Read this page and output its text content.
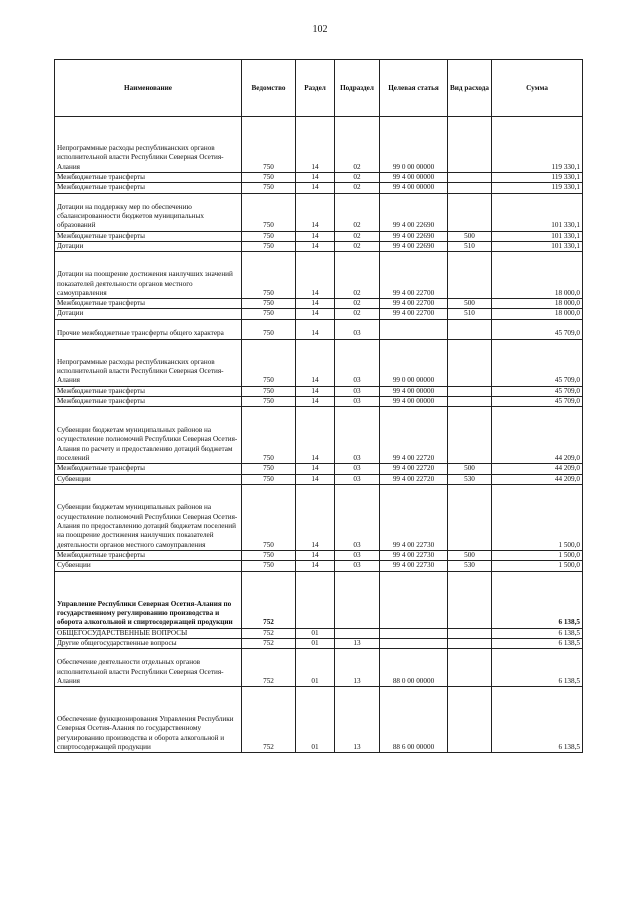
102
Наименование	Ведомство	Раздел	Подраздел	Целевая статья	Вид расхода	Сумма
Непрограммные расходы республиканских органов исполнительной власти Республики Северная Осетия-Алания	750	14	02	99 0 00 00000		119 330,1
Межбюджетные трансферты	750	14	02	99 4 00 00000		119 330,1
Межбюджетные трансферты	750	14	02	99 4 00 00000		119 330,1
Дотации на поддержку мер по обеспечению сбалансированности бюджетов муниципальных образований	750	14	02	99 4 00 22690		101 330,1
Межбюджетные трансферты	750	14	02	99 4 00 22690	500	101 330,1
Дотации	750	14	02	99 4 00 22690	510	101 330,1
Дотации на поощрение достижения наилучших значений показателей деятельности органов местного самоуправления	750	14	02	99 4 00 22700		18 000,0
Межбюджетные трансферты	750	14	02	99 4 00 22700	500	18 000,0
Дотации	750	14	02	99 4 00 22700	510	18 000,0
Прочие межбюджетные трансферты общего характера	750	14	03			45 709,0
Непрограммные расходы республиканских органов исполнительной власти Республики Северная Осетия-Алания	750	14	03	99 0 00 00000		45 709,0
Межбюджетные трансферты	750	14	03	99 4 00 00000		45 709,0
Межбюджетные трансферты	750	14	03	99 4 00 00000		45 709,0
Субвенции бюджетам муниципальных районов на осуществление полномочий Республики Северная Осетия-Алания по расчету и предоставлению дотаций бюджетам поселений	750	14	03	99 4 00 22720		44 209,0
Межбюджетные трансферты	750	14	03	99 4 00 22720	500	44 209,0
Субвенции	750	14	03	99 4 00 22720	530	44 209,0
Субвенции бюджетам муниципальных районов на осуществление полномочий Республики Северная Осетия-Алания по предоставлению дотаций бюджетам поселений на поощрение достижения наилучших показателей деятельности органов местного самоуправления	750	14	03	99 4 00 22730		1 500,0
Межбюджетные трансферты	750	14	03	99 4 00 22730	500	1 500,0
Субвенции	750	14	03	99 4 00 22730	530	1 500,0
Управление Республики Северная Осетия-Алания по государственному регулированию производства и оборота алкогольной и спиртосодержащей продукции	752					6 138,5
ОБЩЕГОСУДАРСТВЕННЫЕ ВОПРОСЫ	752	01				6 138,5
Другие общегосударственные вопросы	752	01	13			6 138,5
Обеспечение деятельности отдельных органов исполнительной власти Республики Северная Осетия-Алания	752	01	13	88 0 00 00000		6 138,5
Обеспечение функционирования Управления Республики Северная Осетия-Алания по государственному регулированию производства и оборота алкогольной и спиртосодержащей продукции	752	01	13	88 6 00 00000		6 138,5
